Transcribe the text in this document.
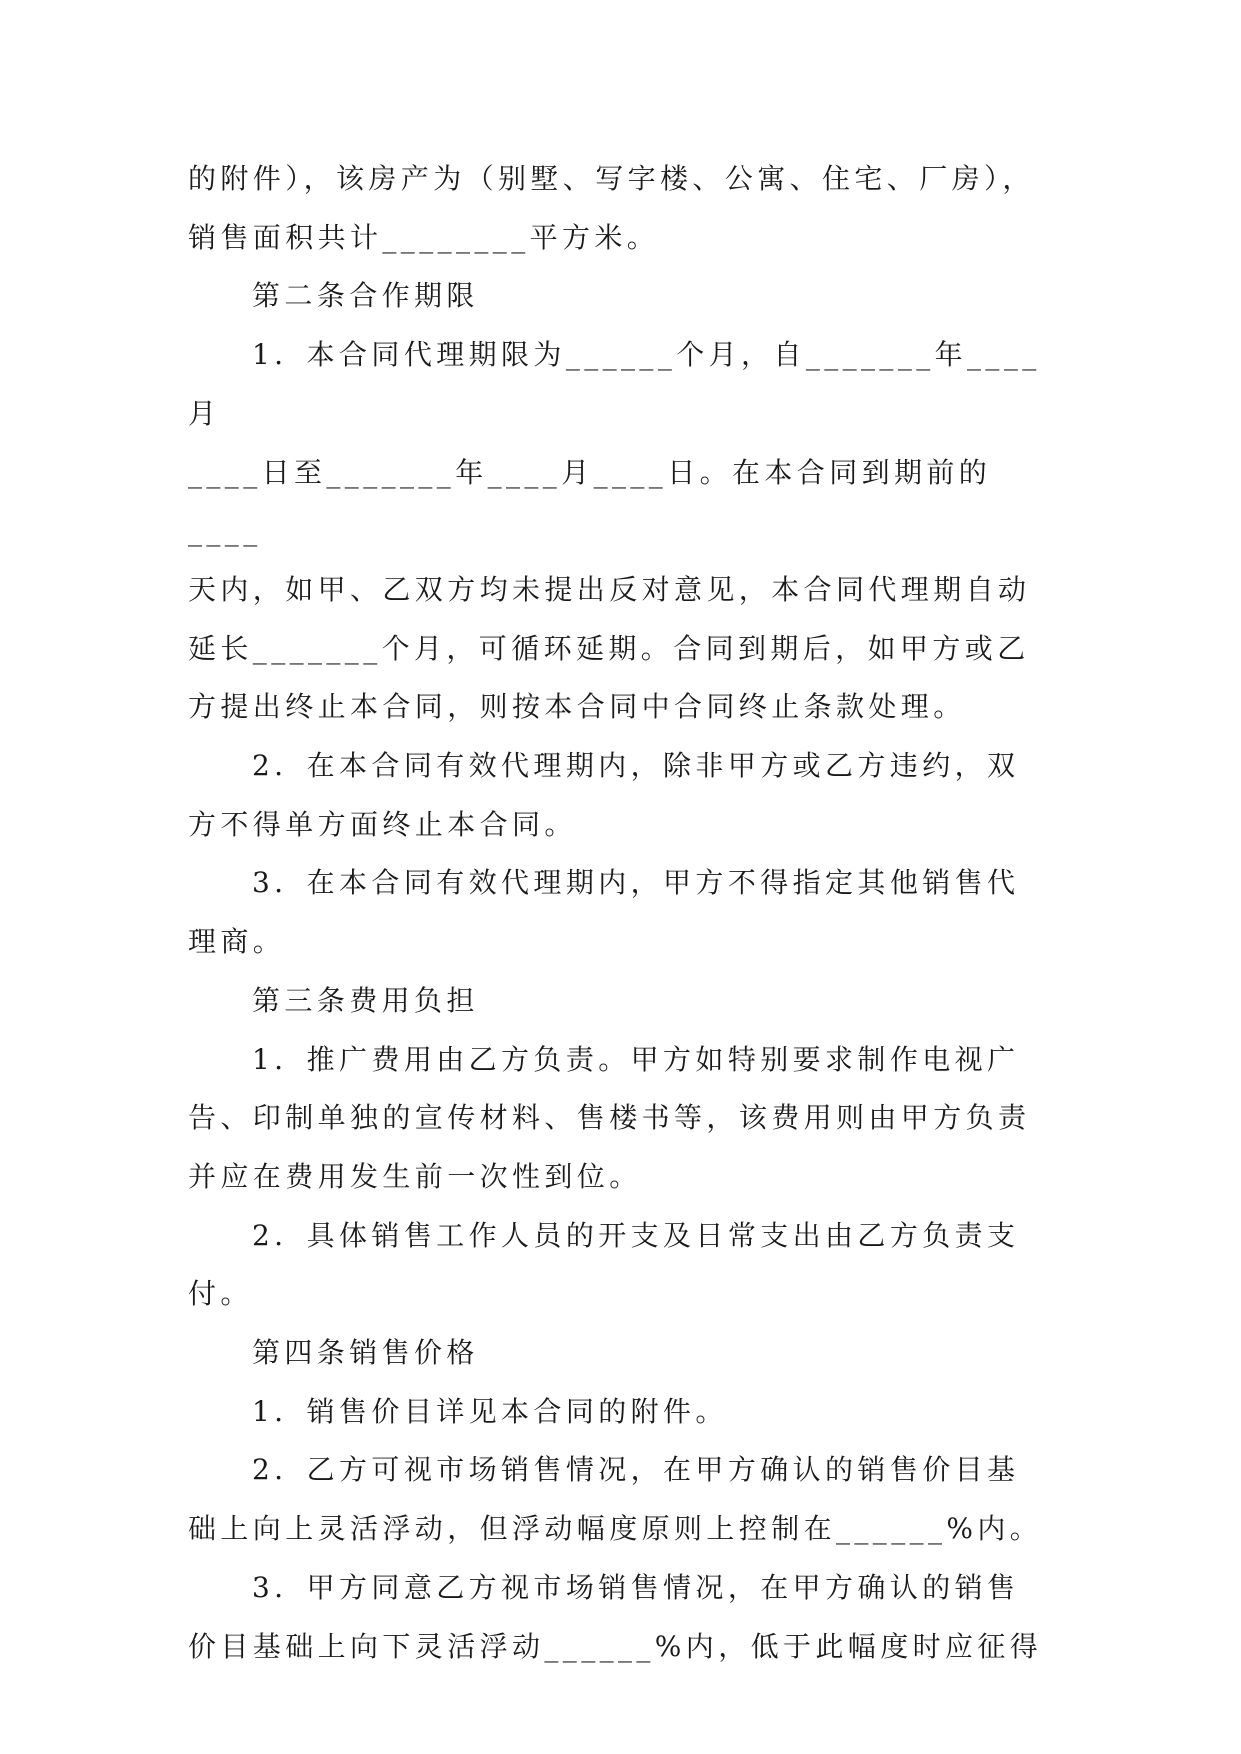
的附件），该房产为（别墅、写字楼、公寓、住宅、厂房），

销售面积共计________平方米。

第二条合作期限

1．本合同代理期限为______个月，自_______年____月

____日至_______年____月____日。在本合同到期前的____

天内，如甲、乙双方均未提出反对意见，本合同代理期自动

延长_______个月，可循环延期。合同到期后，如甲方或乙

方提出终止本合同，则按本合同中合同终止条款处理。

2．在本合同有效代理期内，除非甲方或乙方违约，双

方不得单方面终止本合同。

3．在本合同有效代理期内，甲方不得指定其他销售代

理商。

第三条费用负担

1．推广费用由乙方负责。甲方如特别要求制作电视广

告、印制单独的宣传材料、售楼书等，该费用则由甲方负责

并应在费用发生前一次性到位。

2．具体销售工作人员的开支及日常支出由乙方负责支

付。

第四条销售价格

1．销售价目详见本合同的附件。

2．乙方可视市场销售情况，在甲方确认的销售价目基

础上向上灵活浮动，但浮动幅度原则上控制在______%内。

3．甲方同意乙方视市场销售情况，在甲方确认的销售

价目基础上向下灵活浮动______%内，低于此幅度时应征得
